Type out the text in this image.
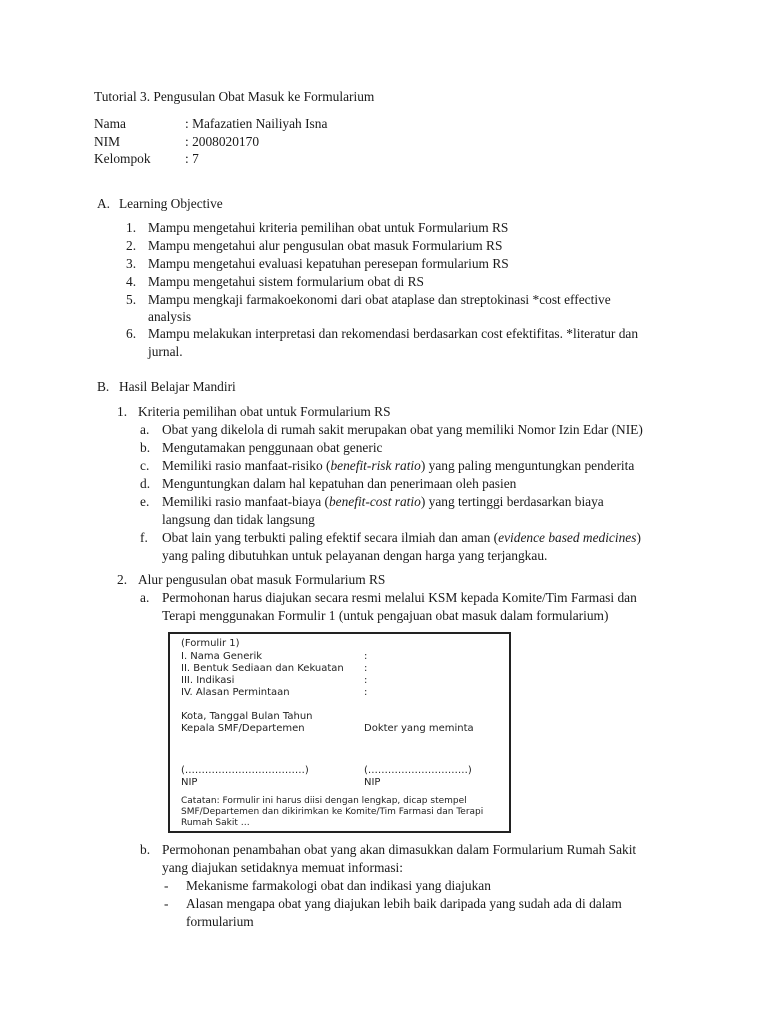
Tutorial 3. Pengusulan Obat Masuk ke Formularium
Nama	: Mafazatien Nailiyah Isna
NIM	: 2008020170
Kelompok	: 7
A. Learning Objective
1. Mampu mengetahui kriteria pemilihan obat untuk Formularium RS
2. Mampu mengetahui alur pengusulan obat masuk Formularium RS
3. Mampu mengetahui evaluasi kepatuhan peresepan formularium RS
4. Mampu mengetahui sistem formularium obat di RS
5. Mampu mengkaji farmakoekonomi dari obat ataplase dan streptokinasi *cost effective
analysis
6. Mampu melakukan interpretasi dan rekomendasi berdasarkan cost efektifitas. *literatur dan
jurnal.
B. Hasil Belajar Mandiri
1. Kriteria pemilihan obat untuk Formularium RS
a. Obat yang dikelola di rumah sakit merupakan obat yang memiliki Nomor Izin Edar (NIE)
b. Mengutamakan penggunaan obat generic
c. Memiliki rasio manfaat-risiko (benefit-risk ratio) yang paling menguntungkan penderita
d. Menguntungkan dalam hal kepatuhan dan penerimaan oleh pasien
e. Memiliki rasio manfaat-biaya (benefit-cost ratio) yang tertinggi berdasarkan biaya
langsung dan tidak langsung
f. Obat lain yang terbukti paling efektif secara ilmiah dan aman (evidence based medicines)
yang paling dibutuhkan untuk pelayanan dengan harga yang terjangkau.
2. Alur pengusulan obat masuk Formularium RS
a. Permohonan harus diajukan secara resmi melalui KSM kepada Komite/Tim Farmasi dan
Terapi menggunakan Formulir 1 (untuk pengajuan obat masuk dalam formularium)
(Formulir 1)
I. Nama Generik	:
II. Bentuk Sediaan dan Kekuatan :
III. Indikasi	:
IV. Alasan Permintaan	:
Kota, Tanggal Bulan Tahun
Kepala SMF/Departemen	Dokter yang meminta
(………………………………)	(…………………………)
NIP	NIP
Catatan: Formulir ini harus diisi dengan lengkap, dicap stempel
SMF/Departemen dan dikirimkan ke Komite/Tim Farmasi dan Terapi
Rumah Sakit …
b. Permohonan penambahan obat yang akan dimasukkan dalam Formularium Rumah Sakit
yang diajukan setidaknya memuat informasi:
- Mekanisme farmakologi obat dan indikasi yang diajukan
- Alasan mengapa obat yang diajukan lebih baik daripada yang sudah ada di dalam
formularium
